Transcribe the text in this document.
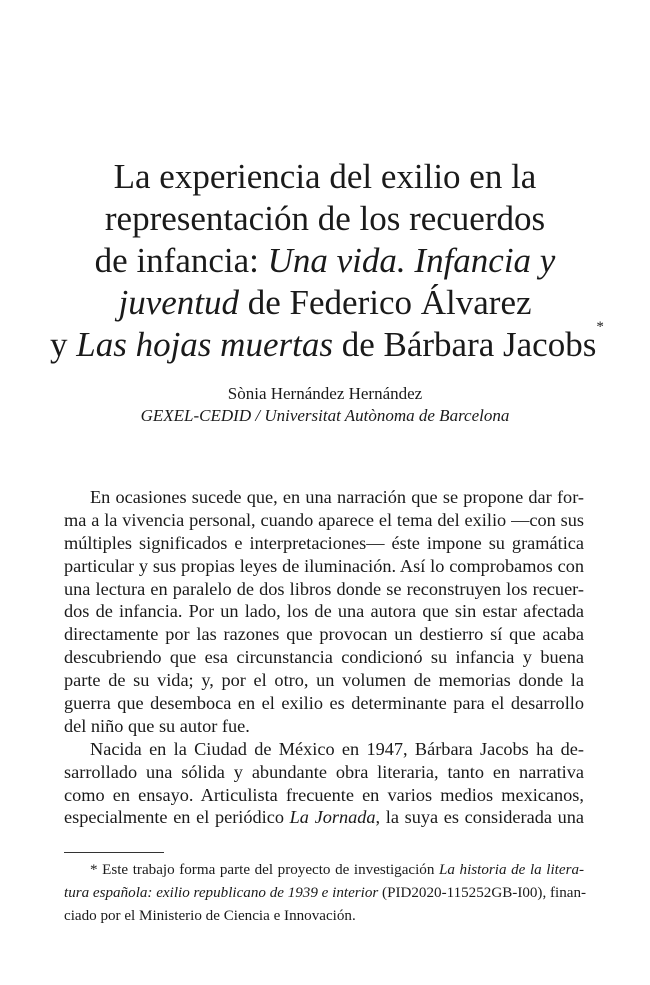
La experiencia del exilio en la
representación de los recuerdos
de infancia: Una vida. Infancia y
juventud de Federico Álvarez
y Las hojas muertas de Bárbara Jacobs*
Sònia Hernández Hernández
GEXEL-CEDID / Universitat Autònoma de Barcelona
En ocasiones sucede que, en una narración que se propone dar for-
ma a la vivencia personal, cuando aparece el tema del exilio —con sus
múltiples significados e interpretaciones— éste impone su gramática
particular y sus propias leyes de iluminación. Así lo comprobamos con
una lectura en paralelo de dos libros donde se reconstruyen los recuer-
dos de infancia. Por un lado, los de una autora que sin estar afectada
directamente por las razones que provocan un destierro sí que acaba
descubriendo que esa circunstancia condicionó su infancia y buena
parte de su vida; y, por el otro, un volumen de memorias donde la
guerra que desemboca en el exilio es determinante para el desarrollo
del niño que su autor fue.
Nacida en la Ciudad de México en 1947, Bárbara Jacobs ha de-
sarrollado una sólida y abundante obra literaria, tanto en narrativa
como en ensayo. Articulista frecuente en varios medios mexicanos,
especialmente en el periódico La Jornada, la suya es considerada una
* Este trabajo forma parte del proyecto de investigación La historia de la litera-
tura española: exilio republicano de 1939 e interior (PID2020-115252GB-I00), finan-
ciado por el Ministerio de Ciencia e Innovación.
